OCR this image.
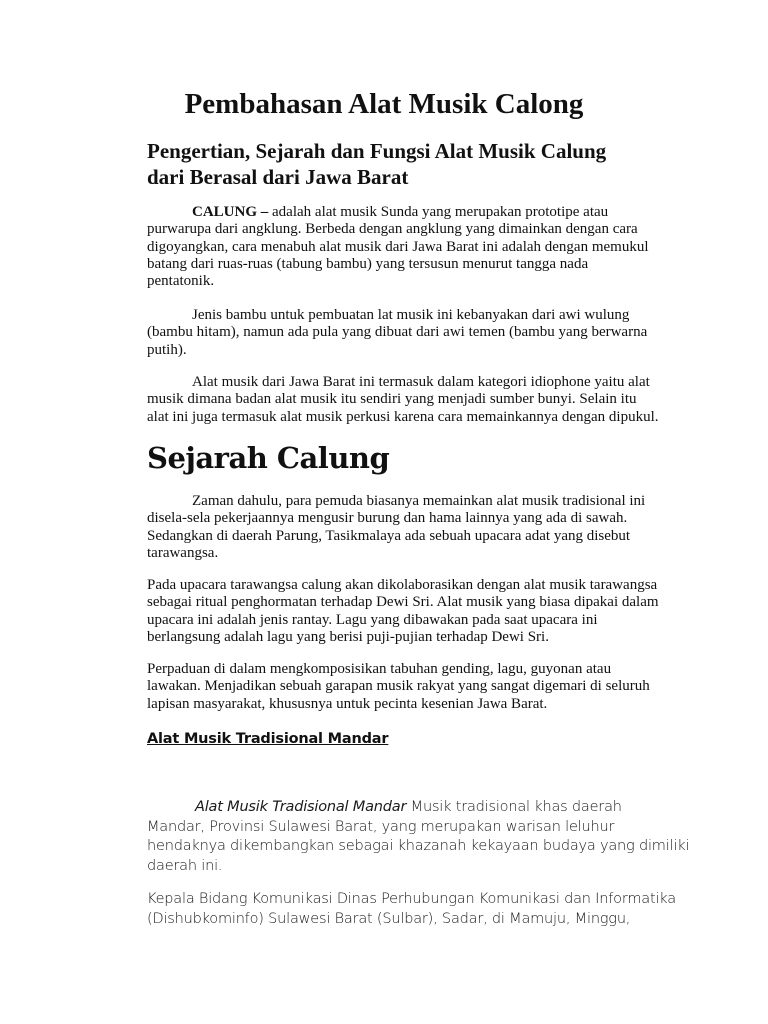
Pembahasan Alat Musik Calong
Pengertian, Sejarah dan Fungsi Alat Musik Calung
dari Berasal dari Jawa Barat
CALUNG – adalah alat musik Sunda yang merupakan prototipe atau
purwarupa dari angklung. Berbeda dengan angklung yang dimainkan dengan cara
digoyangkan, cara menabuh alat musik dari Jawa Barat ini adalah dengan memukul
batang dari ruas-ruas (tabung bambu) yang tersusun menurut tangga nada
pentatonik.
Jenis bambu untuk pembuatan lat musik ini kebanyakan dari awi wulung
(bambu hitam), namun ada pula yang dibuat dari awi temen (bambu yang berwarna
putih).
Alat musik dari Jawa Barat ini termasuk dalam kategori idiophone yaitu alat
musik dimana badan alat musik itu sendiri yang menjadi sumber bunyi. Selain itu
alat ini juga termasuk alat musik perkusi karena cara memainkannya dengan dipukul.
Sejarah Calung
Zaman dahulu, para pemuda biasanya memainkan alat musik tradisional ini
disela-sela pekerjaannya mengusir burung dan hama lainnya yang ada di sawah.
Sedangkan di daerah Parung, Tasikmalaya ada sebuah upacara adat yang disebut
tarawangsa.
Pada upacara tarawangsa calung akan dikolaborasikan dengan alat musik tarawangsa
sebagai ritual penghormatan terhadap Dewi Sri. Alat musik yang biasa dipakai dalam
upacara ini adalah jenis rantay. Lagu yang dibawakan pada saat upacara ini
berlangsung adalah lagu yang berisi puji-pujian terhadap Dewi Sri.
Perpaduan di dalam mengkomposisikan tabuhan gending, lagu, guyonan atau
lawakan. Menjadikan sebuah garapan musik rakyat yang sangat digemari di seluruh
lapisan masyarakat, khususnya untuk pecinta kesenian Jawa Barat.
Alat Musik Tradisional Mandar
Alat Musik Tradisional Mandar Musik tradisional khas daerah
Mandar, Provinsi Sulawesi Barat, yang merupakan warisan leluhur
hendaknya dikembangkan sebagai khazanah kekayaan budaya yang dimiliki
daerah ini.
Kepala Bidang Komunikasi Dinas Perhubungan Komunikasi dan Informatika
(Dishubkominfo) Sulawesi Barat (Sulbar), Sadar, di Mamuju, Minggu,
